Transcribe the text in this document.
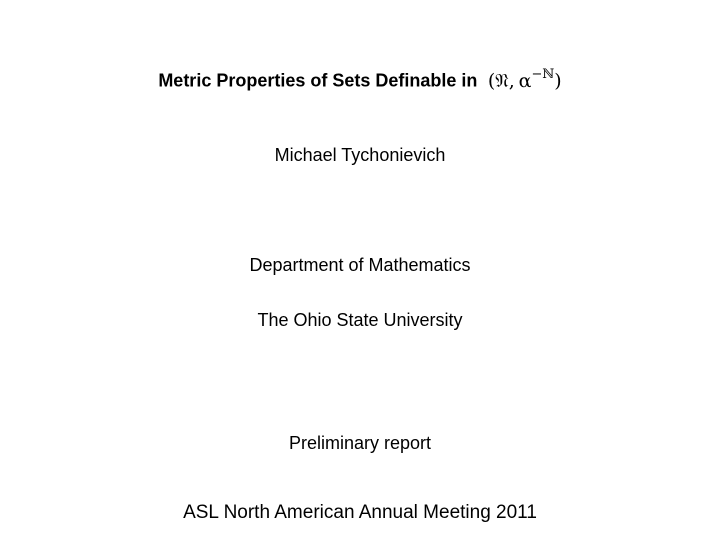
Metric Properties of Sets Definable in (𝔑,  $\alpha^{-ℕ}$)
Michael Tychonievich
Department of Mathematics
The Ohio State University
Preliminary report
ASL North American Annual Meeting 2011
